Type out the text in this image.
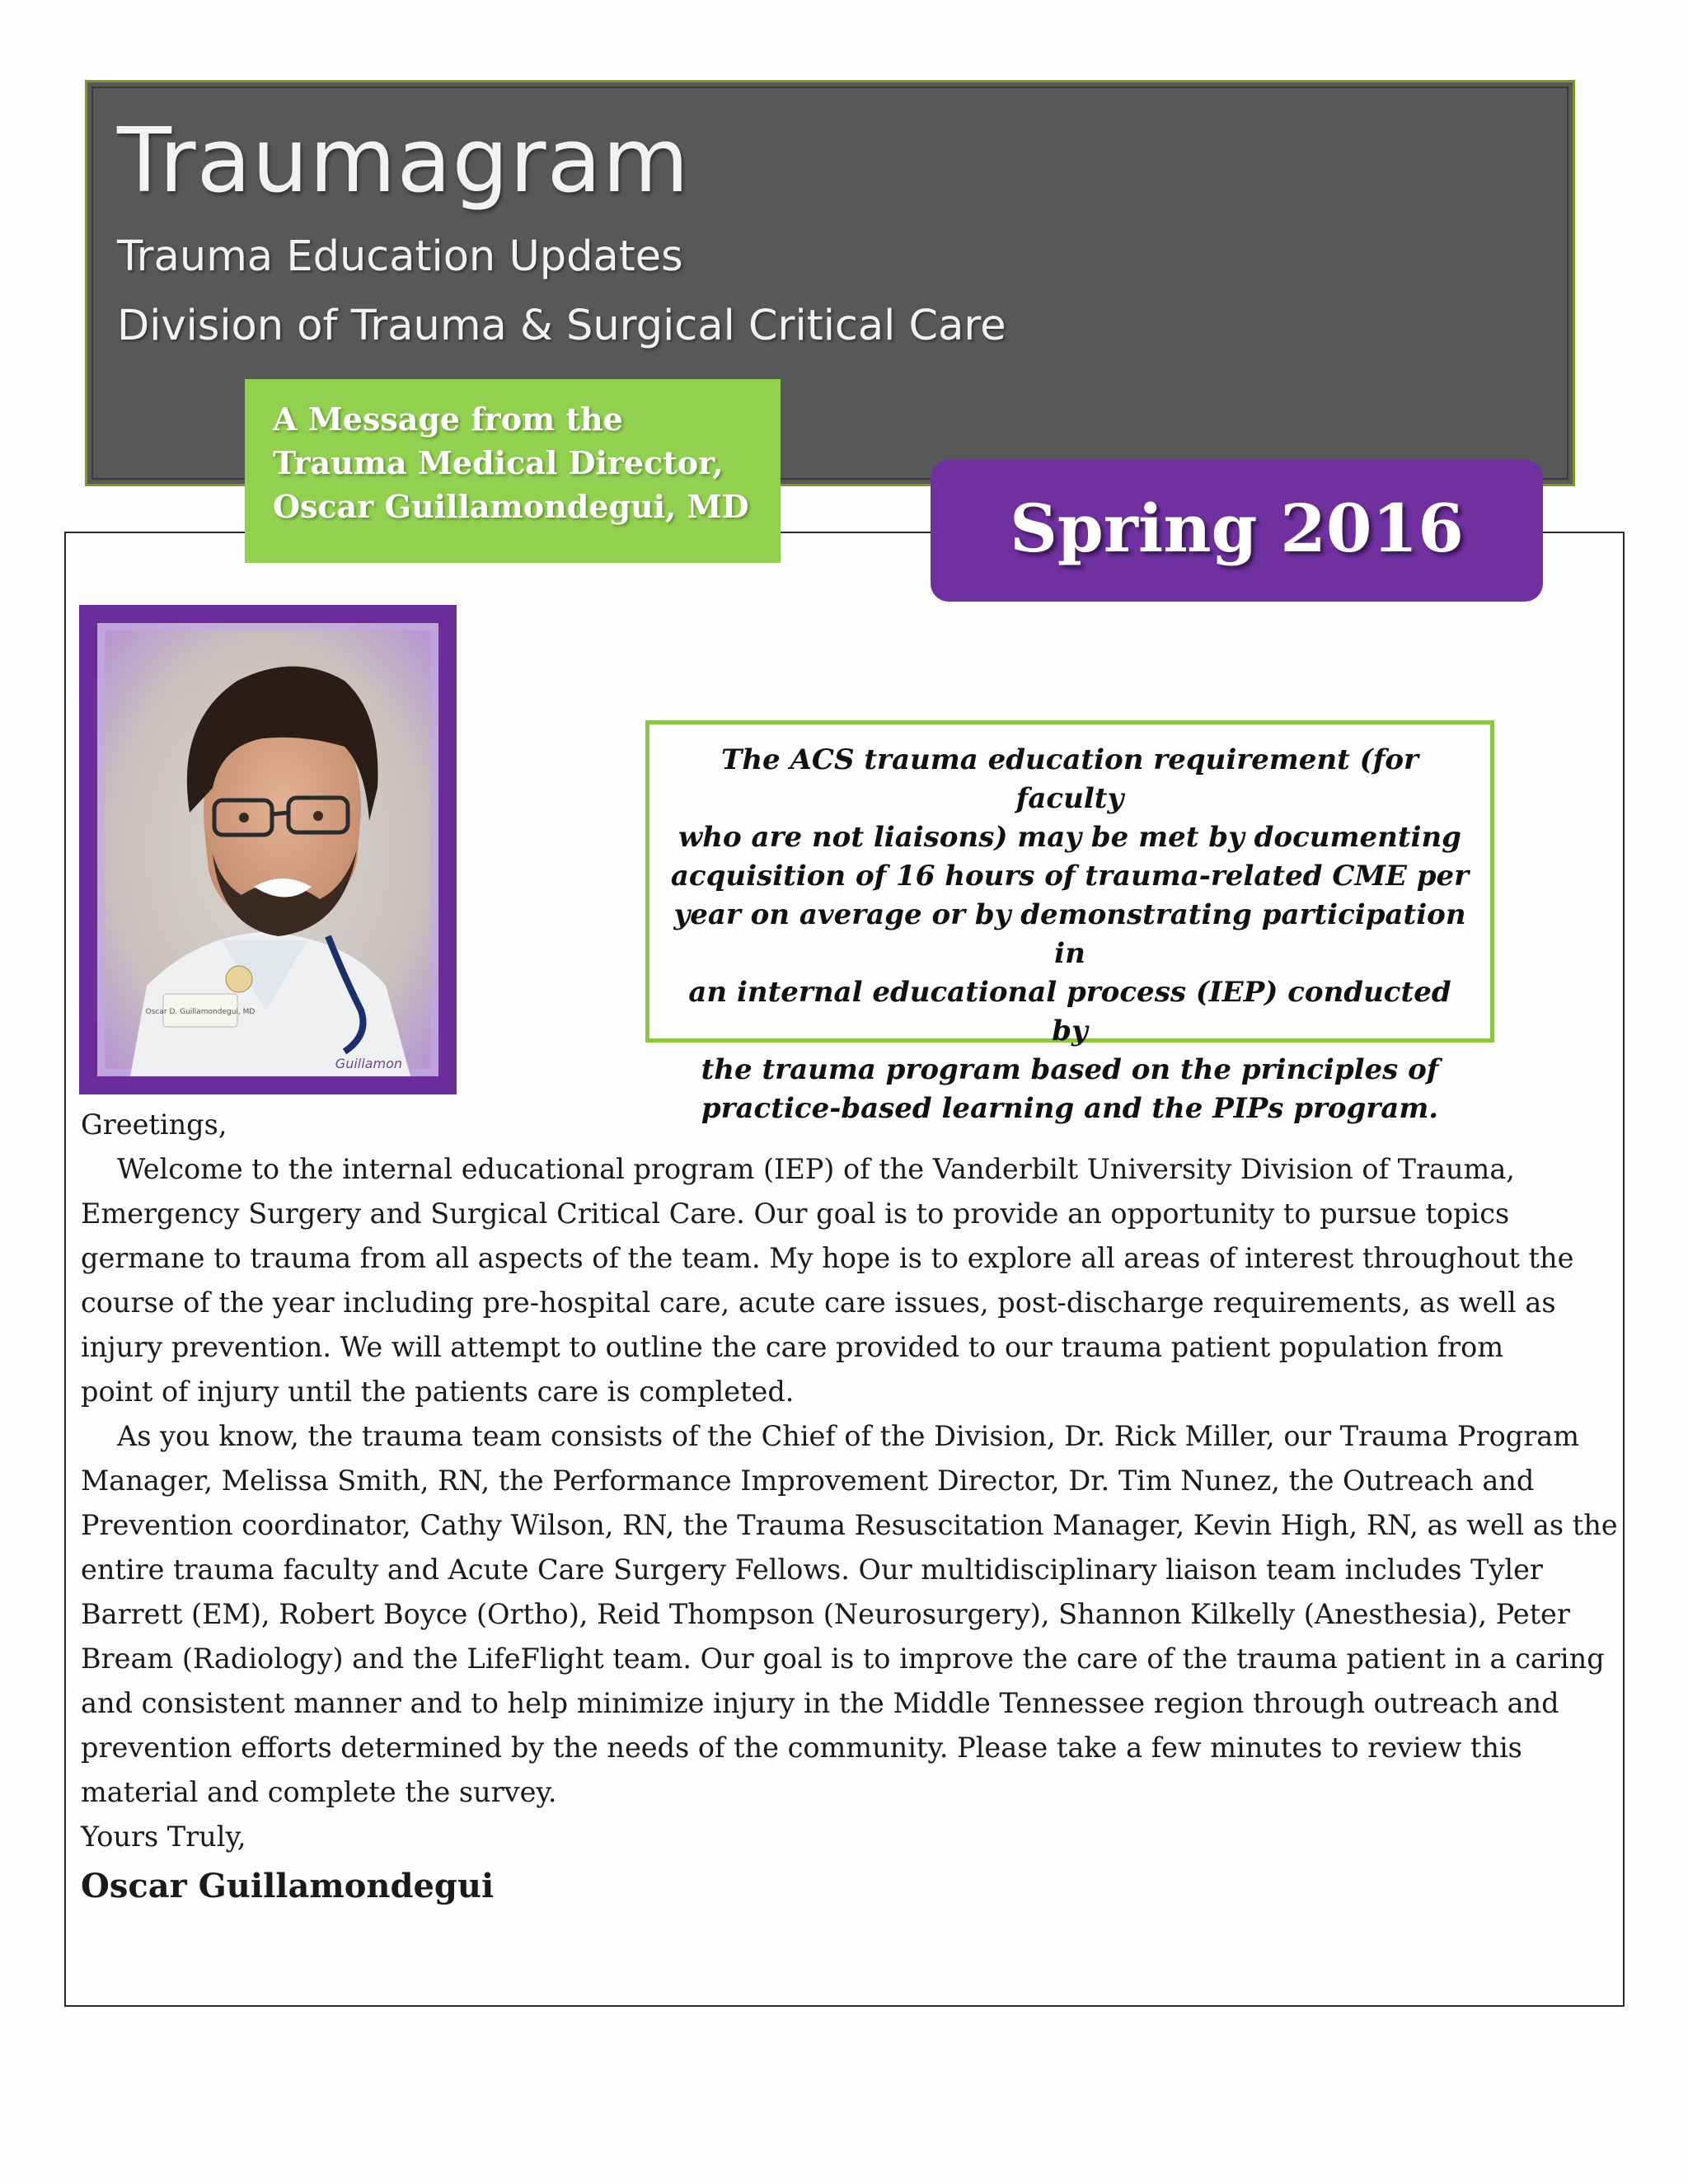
Traumagram
Trauma Education Updates
Division of Trauma & Surgical Critical Care
A Message from the
Trauma Medical Director,
Oscar Guillamondegui, MD	Spring 2016
Oscar D. Guillamondegui, MD
Guillamon

The ACS trauma education requirement (for faculty

who are not liaisons) may be met by documenting

acquisition of 16 hours of trauma-related CME per

year on average or by demonstrating participation in

an internal educational process (IEP) conducted by

the trauma program based on the principles of

practice-based learning and the PIPs program.

Greetings,
Welcome to the internal educational program (IEP) of the Vanderbilt University Division of Trauma,
Emergency Surgery and Surgical Critical Care. Our goal is to provide an opportunity to pursue topics
germane to trauma from all aspects of the team. My hope is to explore all areas of interest throughout the
course of the year including pre-hospital care, acute care issues, post-discharge requirements, as well as
injury prevention. We will attempt to outline the care provided to our trauma patient population from
point of injury until the patients care is completed.
As you know, the trauma team consists of the Chief of the Division, Dr. Rick Miller, our Trauma Program
Manager, Melissa Smith, RN, the Performance Improvement Director, Dr. Tim Nunez, the Outreach and
Prevention coordinator, Cathy Wilson, RN, the Trauma Resuscitation Manager, Kevin High, RN, as well as the
entire trauma faculty and Acute Care Surgery Fellows. Our multidisciplinary liaison team includes Tyler
Barrett (EM), Robert Boyce (Ortho), Reid Thompson (Neurosurgery), Shannon Kilkelly (Anesthesia), Peter
Bream (Radiology) and the LifeFlight team. Our goal is to improve the care of the trauma patient in a caring
and consistent manner and to help minimize injury in the Middle Tennessee region through outreach and
prevention efforts determined by the needs of the community. Please take a few minutes to review this
material and complete the survey.
Yours Truly,
Oscar Guillamondegui
